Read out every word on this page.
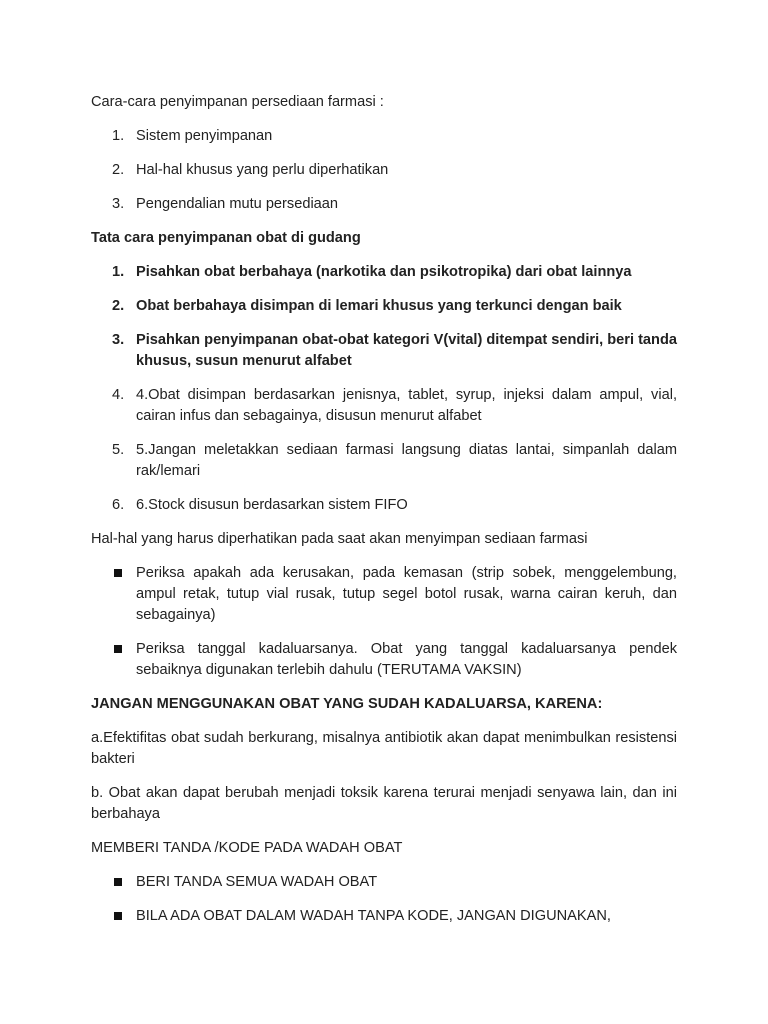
Cara-cara penyimpanan persediaan farmasi :

1. Sistem penyimpanan
2. Hal-hal khusus yang perlu diperhatikan
3. Pengendalian mutu persediaan

Tata cara penyimpanan obat di gudang

1. Pisahkan obat berbahaya (narkotika dan psikotropika) dari obat lainnya
2. Obat berbahaya disimpan di lemari khusus yang terkunci dengan baik
3. Pisahkan penyimpanan obat-obat kategori V(vital) ditempat sendiri, beri tanda khusus, susun menurut alfabet
4. 4.Obat disimpan berdasarkan jenisnya, tablet, syrup, injeksi dalam ampul, vial, cairan infus dan sebagainya, disusun menurut alfabet
5. 5.Jangan meletakkan sediaan farmasi langsung diatas lantai, simpanlah dalam rak/lemari
6. 6.Stock disusun berdasarkan sistem FIFO

Hal-hal yang harus diperhatikan pada saat akan menyimpan sediaan farmasi

Periksa apakah ada kerusakan, pada kemasan (strip sobek, menggelembung, ampul retak, tutup vial rusak, tutup segel botol rusak, warna cairan keruh, dan sebagainya)
Periksa tanggal kadaluarsanya. Obat yang tanggal kadaluarsanya pendek sebaiknya digunakan terlebih dahulu (TERUTAMA VAKSIN)

JANGAN MENGGUNAKAN OBAT YANG SUDAH KADALUARSA, KARENA:

a.Efektifitas obat sudah berkurang, misalnya antibiotik akan dapat menimbulkan resistensi bakteri

b. Obat akan dapat berubah menjadi toksik karena terurai menjadi senyawa lain, dan ini berbahaya

MEMBERI TANDA /KODE PADA WADAH OBAT

BERI TANDA SEMUA WADAH OBAT
BILA ADA OBAT DALAM WADAH TANPA KODE, JANGAN DIGUNAKAN,
